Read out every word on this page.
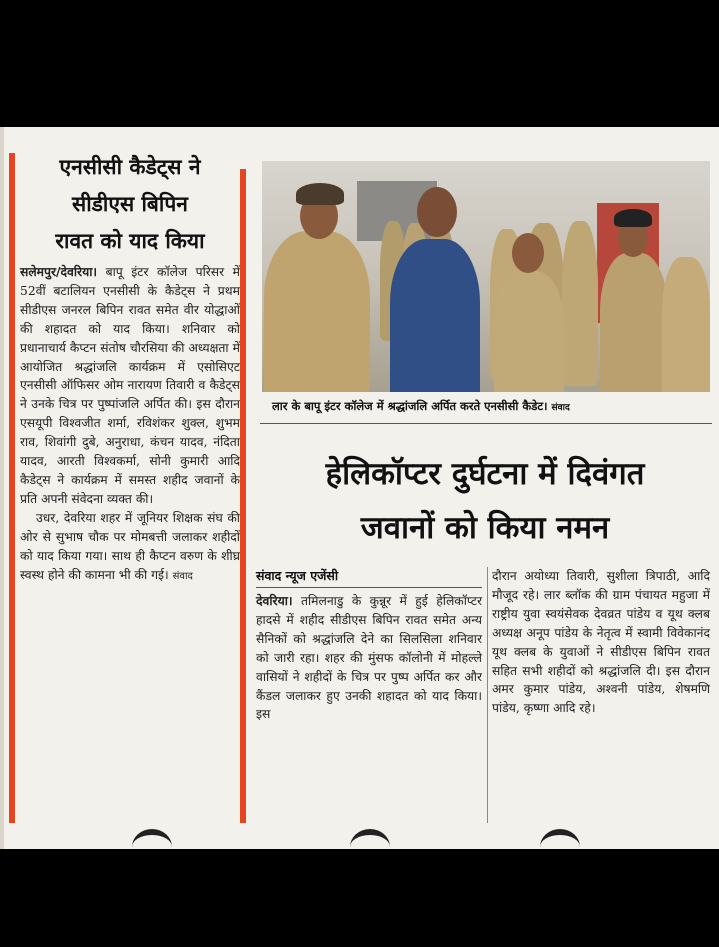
एनसीसी कैडेट्स ने
सीडीएस बिपिन
रावत को याद किया

सलेमपुर/देवरिया। बापू इंटर कॉलेज परिसर में 52वीं बटालियन एनसीसी के कैडेट्स ने प्रथम सीडीएस जनरल बिपिन रावत समेत वीर योद्धाओं की शहादत को याद किया। शनिवार को प्रधानाचार्य कैप्टन संतोष चौरसिया की अध्यक्षता में आयोजित श्रद्धांजलि कार्यक्रम में एसोसिएट एनसीसी ऑफिसर ओम नारायण तिवारी व कैडेट्स ने उनके चित्र पर पुष्पांजलि अर्पित की। इस दौरान एसयूपी विश्वजीत शर्मा, रविशंकर शुक्ल, शुभम राव, शिवांगी दुबे, अनुराधा, कंचन यादव, नंदिता यादव, आरती विश्वकर्मा, सोनी कुमारी आदि कैडेट्स ने कार्यक्रम में समस्त शहीद जवानों के प्रति अपनी संवेदना व्यक्त की।

उधर, देवरिया शहर में जूनियर शिक्षक संघ की ओर से सुभाष चौक पर मोमबत्ती जलाकर शहीदों को याद किया गया। साथ ही कैप्टन वरुण के शीघ्र स्वस्थ होने की कामना भी की गई। संवाद

लार के बापू इंटर कॉलेज में श्रद्धांजलि अर्पित करते एनसीसी कैडेट। संवाद
हेलिकॉप्टर दुर्घटना में दिवंगत
जवानों को किया नमन
संवाद न्यूज एजेंसी

देवरिया। तमिलनाडु के कुन्नूर में हुई हेलिकॉप्टर हादसे में शहीद सीडीएस बिपिन रावत समेत अन्य सैनिकों को श्रद्धांजलि देने का सिलसिला शनिवार को जारी रहा। शहर की मुंसफ कॉलोनी में मोहल्ले वासियों ने शहीदों के चित्र पर पुष्प अर्पित कर और कैंडल जलाकर हुए उनकी शहादत को याद किया। इस

दौरान अयोध्या तिवारी, सुशीला त्रिपाठी, आदि मौजूद रहे। लार ब्लॉक की ग्राम पंचायत महुजा में राष्ट्रीय युवा स्वयंसेवक देवव्रत पांडेय व यूथ क्लब अध्यक्ष अनूप पांडेय के नेतृत्व में स्वामी विवेकानंद यूथ क्लब के युवाओं ने सीडीएस बिपिन रावत सहित सभी शहीदों को श्रद्धांजलि दी। इस दौरान अमर कुमार पांडेय, अश्वनी पांडेय, शेषमणि पांडेय, कृष्णा आदि रहे।
